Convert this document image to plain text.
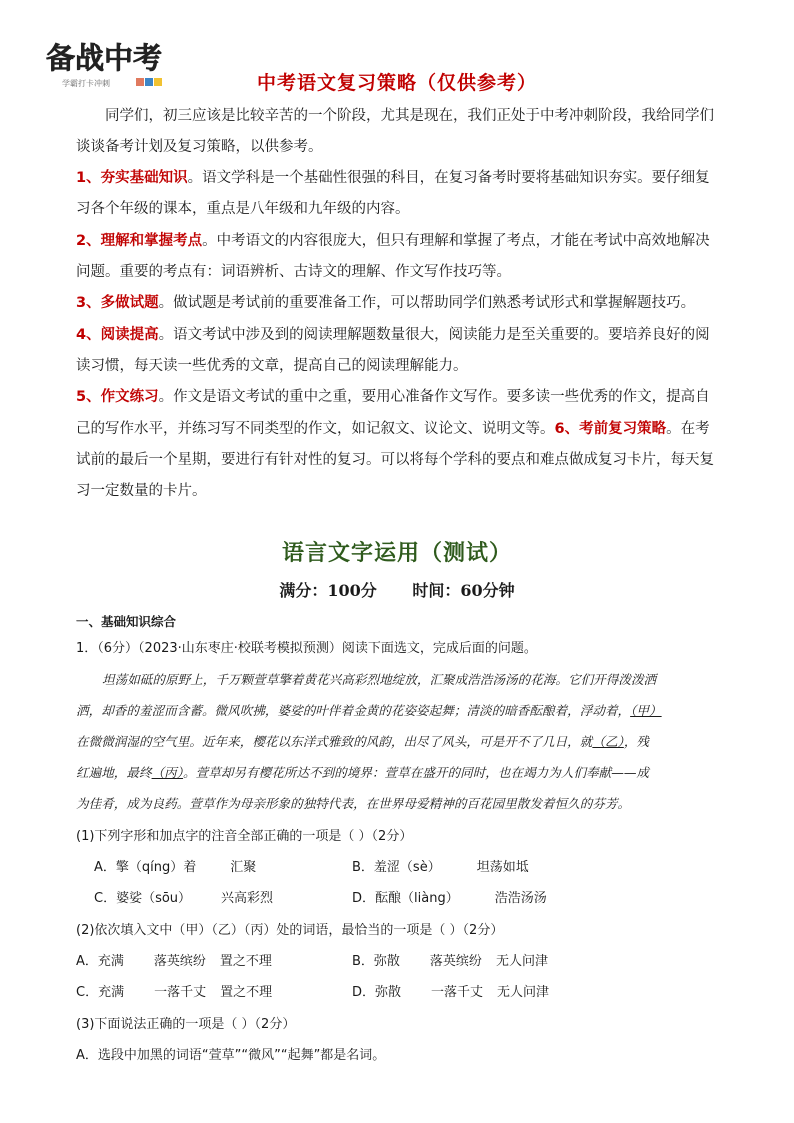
备战中考
学霸打卡冲刺	中考语文复习策略（仅供参考）
同学们，初三应该是比较辛苦的一个阶段，尤其是现在，我们正处于中考冲刺阶段，我给同学们
谈谈备考计划及复习策略，以供参考。
1、夯实基础知识。语文学科是一个基础性很强的科目，在复习备考时要将基础知识夯实。要仔细复
习各个年级的课本，重点是八年级和九年级的内容。
2、理解和掌握考点。中考语文的内容很庞大，但只有理解和掌握了考点，才能在考试中高效地解决
问题。重要的考点有：词语辨析、古诗文的理解、作文写作技巧等。
3、多做试题。做试题是考试前的重要准备工作，可以帮助同学们熟悉考试形式和掌握解题技巧。
4、阅读提高。语文考试中涉及到的阅读理解题数量很大，阅读能力是至关重要的。要培养良好的阅
读习惯，每天读一些优秀的文章，提高自己的阅读理解能力。
5、作文练习。作文是语文考试的重中之重，要用心准备作文写作。要多读一些优秀的作文，提高自
己的写作水平，并练习写不同类型的作文，如记叙文、议论文、说明文等。6、考前复习策略。在考
试前的最后一个星期，要进行有针对性的复习。可以将每个学科的要点和难点做成复习卡片，每天复
习一定数量的卡片。
语言文字运用（测试）
满分：100分 时间：60分钟
一、基础知识综合
1．（6分）（2023·山东枣庄·校联考模拟预测）阅读下面选文，完成后面的问题。
坦荡如砥的原野上，千万颗萱草擎着黄花兴高彩烈地绽放，汇聚成浩浩汤汤的花海。它们开得泼泼洒
洒，却香的羞涩而含蓄。微风吹拂，婆娑的叶伴着金黄的花姿姿起舞；清淡的暗香酝酿着，浮动着，（甲）
在微微润湿的空气里。近年来，樱花以东洋式雅致的风韵，出尽了风头，可是开不了几日，就（乙），残
红遍地，最终（丙）。萱草却另有樱花所达不到的境界：萱草在盛开的同时，也在竭力为人们奉献——成
为佳肴，成为良药。萱草作为母亲形象的独特代表，在世界母爱精神的百花园里散发着恒久的芬芳。
(1)下列字形和加点字的注音全部正确的一项是（ ）（2分）
A．擎（qíng）着	汇聚	B．羞涩（sè）	坦荡如坻
C．婆娑（sōu） 兴高彩烈	D．酝酿（liàng）	浩浩汤汤
(2)依次填入文中（甲）（乙）（丙）处的词语，最恰当的一项是（ ）（2分）
A．充满 落英缤纷 置之不理	B．弥散 落英缤纷 无人问津
C．充满 一落千丈 置之不理	D．弥散 一落千丈 无人问津
(3)下面说法正确的一项是（ ）（2分）
A．选段中加黑的词语“萱草”“微风”“起舞”都是名词。
